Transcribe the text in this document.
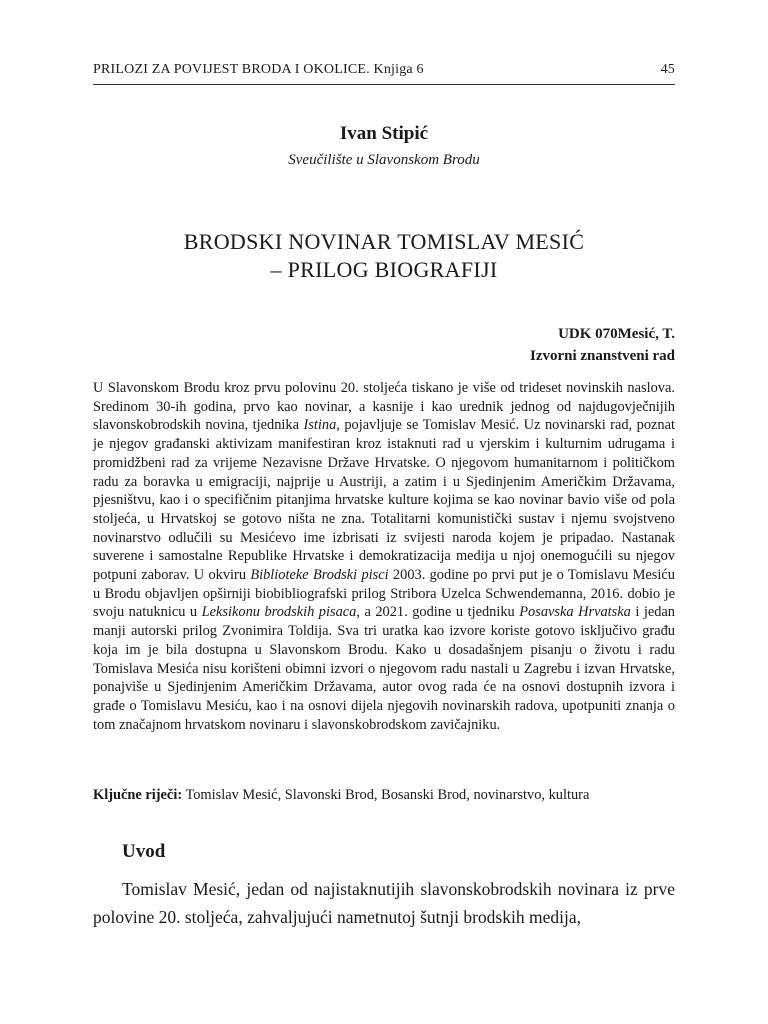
PRILOZI ZA POVIJEST BRODA I OKOLICE. Knjiga 6	45
Ivan Stipić
Sveučilište u Slavonskom Brodu
BRODSKI NOVINAR TOMISLAV MESIĆ
– PRILOG BIOGRAFIJI
UDK 070Mesić, T.
Izvorni znanstveni rad

U Slavonskom Brodu kroz prvu polovinu 20. stoljeća tiskano je više od trideset novinskih naslova. Sredinom 30-ih godina, prvo kao novinar, a kasnije i kao urednik jednog od najdugovječnijih slavonskobrodskih novina, tjednika Istina, pojavljuje se Tomislav Mesić. Uz novinarski rad, poznat je njegov građanski aktivizam manifestiran kroz istaknuti rad u vjerskim i kulturnim udrugama i promidžbeni rad za vrijeme Nezavisne Države Hrvatske. O njegovom humanitarnom i političkom radu za boravka u emigraciji, najprije u Austriji, a zatim i u Sjedinjenim Američkim Državama, pjesništvu, kao i o specifičnim pitanjima hrvatske kulture kojima se kao novinar bavio više od pola stoljeća, u Hrvatskoj se gotovo ništa ne zna. Totalitarni komunistički sustav i njemu svojstveno novinarstvo odlučili su Mesićevo ime izbrisati iz svijesti naroda kojem je pripadao. Nastanak suverene i samostalne Republike Hrvatske i demokratizacija medija u njoj onemogućili su njegov potpuni zaborav. U okviru Biblioteke Brodski pisci 2003. godine po prvi put je o Tomislavu Mesiću u Brodu objavljen opširniji biobibliografski prilog Stribora Uzelca Schwendemanna, 2016. dobio je svoju natuknicu u Leksikonu brodskih pisaca, a 2021. godine u tjedniku Posavska Hrvatska i jedan manji autorski prilog Zvonimira Toldija. Sva tri uratka kao izvore koriste gotovo isključivo građu koja im je bila dostupna u Slavonskom Brodu. Kako u dosadašnjem pisanju o životu i radu Tomislava Mesića nisu korišteni obimni izvori o njegovom radu nastali u Zagrebu i izvan Hrvatske, ponajviše u Sjedinjenim Američkim Državama, autor ovog rada će na osnovi dostupnih izvora i građe o Tomislavu Mesiću, kao i na osnovi dijela njegovih novinarskih radova, upotpuniti znanja o tom značajnom hrvatskom novinaru i slavonskobrodskom zavičajniku.

Ključne riječi: Tomislav Mesić, Slavonski Brod, Bosanski Brod, novinarstvo, kultura
Uvod

Tomislav Mesić, jedan od najistaknutijih slavonskobrodskih novinara iz prve polovine 20. stoljeća, zahvaljujući nametnutoj šutnji brodskih medija,
